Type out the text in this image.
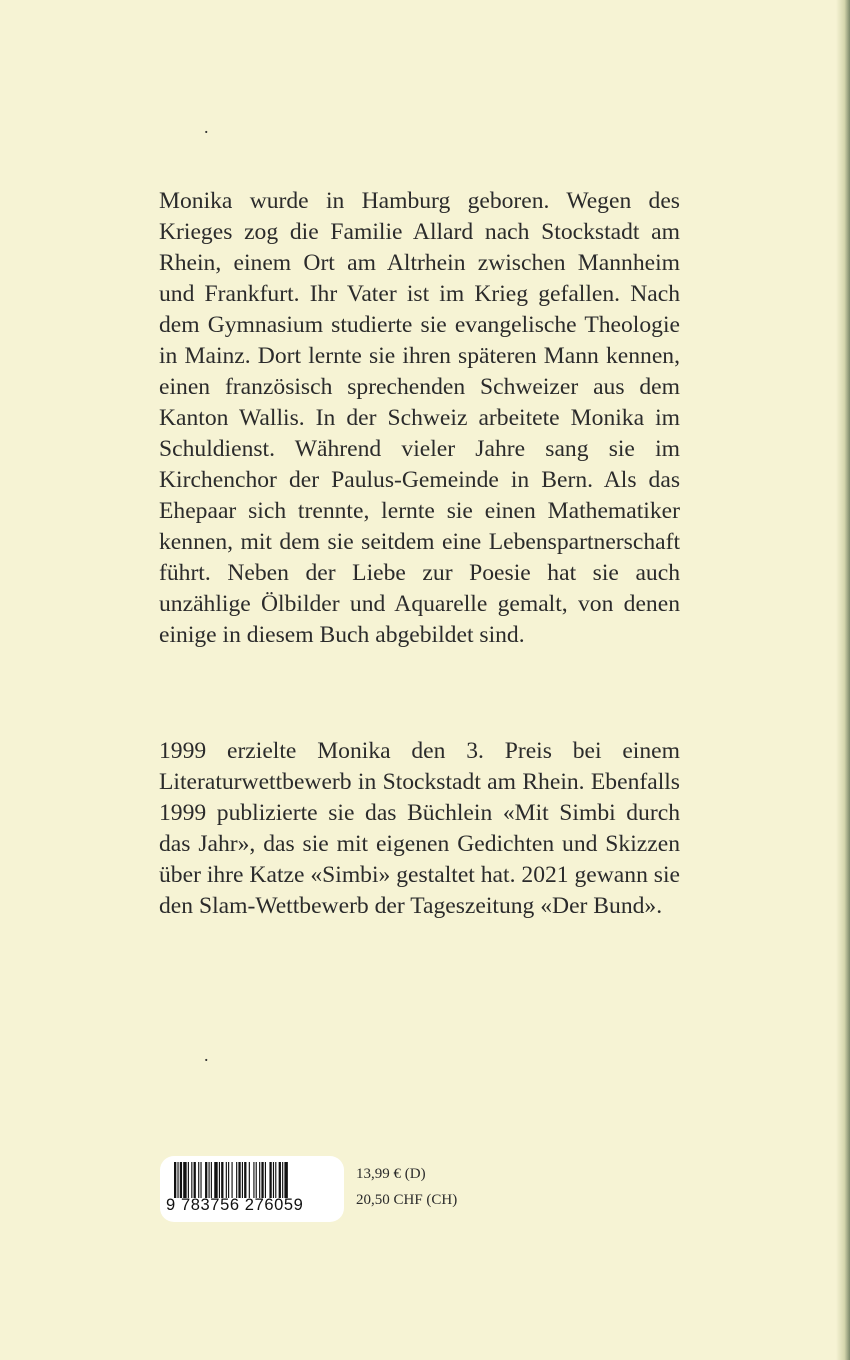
.

Monika wurde in Hamburg geboren. Wegen des Krieges zog die Familie Allard nach Stockstadt am Rhein, einem Ort am Altrhein zwischen Mannheim und Frankfurt. Ihr Vater ist im Krieg gefallen. Nach dem Gymnasium studierte sie evangelische Theologie in Mainz. Dort lernte sie ihren späteren Mann kennen, einen französisch sprechenden Schweizer aus dem Kanton Wallis. In der Schweiz arbeitete Monika im Schuldienst. Während vieler Jahre sang sie im Kirchenchor der Paulus-Gemeinde in Bern. Als das Ehepaar sich trennte, lernte sie einen Mathematiker kennen, mit dem sie seitdem eine Lebenspartnerschaft führt. Neben der Liebe zur Poesie hat sie auch unzählige Ölbilder und Aquarelle gemalt, von denen einige in diesem Buch abgebildet sind.

1999 erzielte Monika den 3. Preis bei einem Literaturwettbewerb in Stockstadt am Rhein. Ebenfalls 1999 publizierte sie das Büchlein «Mit Simbi durch das Jahr», das sie mit eigenen Gedichten und Skizzen über ihre Katze «Simbi» gestaltet hat. 2021 gewann sie den Slam-Wettbewerb der Tageszeitung «Der Bund».

.
9 783756 276059
13,99 € (D)
20,50 CHF (CH)
